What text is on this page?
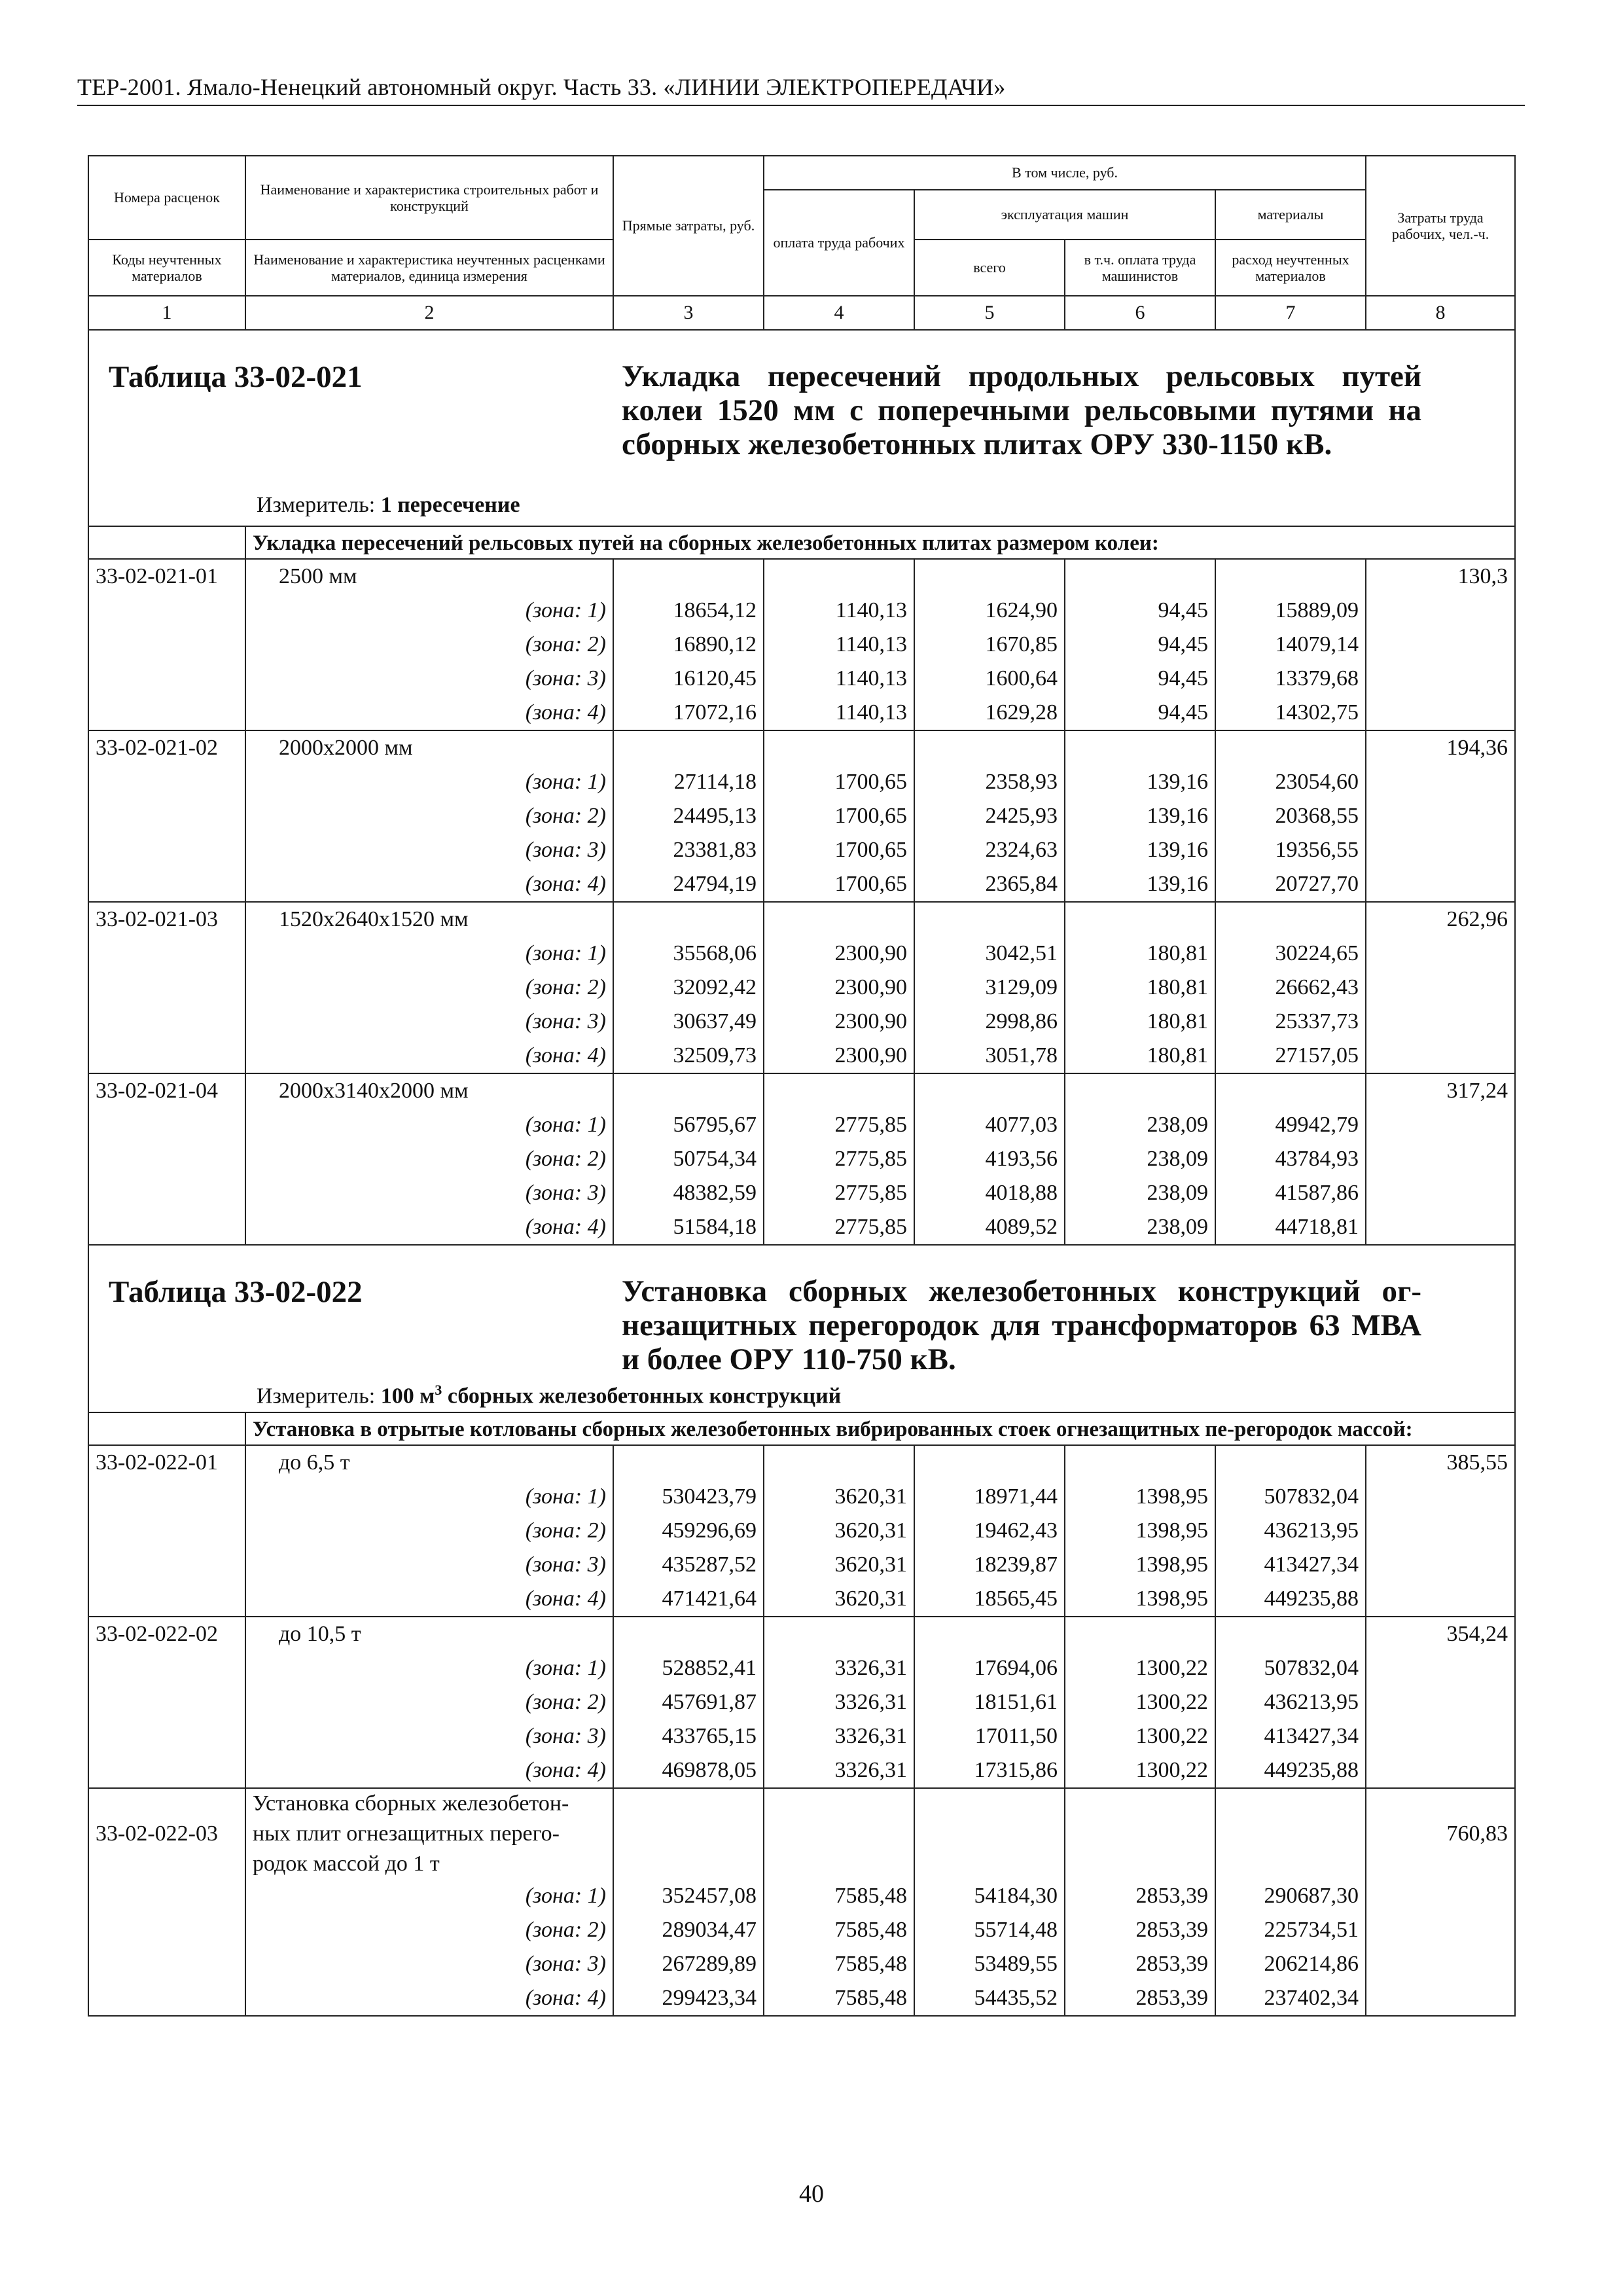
ТЕР-2001. Ямало-Ненецкий автономный округ. Часть 33. «ЛИНИИ ЭЛЕКТРОПЕРЕДАЧИ»
Номера расценок	Наименование и характеристика строительных работ и конструкций	Прямые затраты, руб.	В том числе, руб.				Затраты труда рабочих, чел.-ч.
			оплата труда рабочих	эксплуатация машин		материалы	
Коды неучтенных материалов	Наименование и характеристика неучтенных расценками материалов, единица измерения			всего	в т.ч. оплата труда машинистов	расход неучтенных материалов	

1	2	3	4	5	6	7	8

Таблица 33-02-021 Укладка пересечений продольных рельсовых путей колеи 1520 мм с поперечными рельсовыми путями на сборных железобетонных плитах ОРУ 330-1150 кВ.
Измеритель: 1 пересечение							

	Укладка пересечений рельсовых путей на сборных железобетонных плитах размером колеи:						
33-02-021-01	2500 мм						130,3
	(зона: 1)	18654,12	1140,13	1624,90	94,45	15889,09	
	(зона: 2)	16890,12	1140,13	1670,85	94,45	14079,14	
	(зона: 3)	16120,45	1140,13	1600,64	94,45	13379,68	
	(зона: 4)	17072,16	1140,13	1629,28	94,45	14302,75	
33-02-021-02	2000х2000 мм						194,36
	(зона: 1)	27114,18	1700,65	2358,93	139,16	23054,60	
	(зона: 2)	24495,13	1700,65	2425,93	139,16	20368,55	
	(зона: 3)	23381,83	1700,65	2324,63	139,16	19356,55	
	(зона: 4)	24794,19	1700,65	2365,84	139,16	20727,70	
33-02-021-03	1520х2640х1520 мм						262,96
	(зона: 1)	35568,06	2300,90	3042,51	180,81	30224,65	
	(зона: 2)	32092,42	2300,90	3129,09	180,81	26662,43	
	(зона: 3)	30637,49	2300,90	2998,86	180,81	25337,73	
	(зона: 4)	32509,73	2300,90	3051,78	180,81	27157,05	
33-02-021-04	2000х3140х2000 мм						317,24
	(зона: 1)	56795,67	2775,85	4077,03	238,09	49942,79	
	(зона: 2)	50754,34	2775,85	4193,56	238,09	43784,93	
	(зона: 3)	48382,59	2775,85	4018,88	238,09	41587,86	
	(зона: 4)	51584,18	2775,85	4089,52	238,09	44718,81	

Таблица 33-02-022 Установка сборных железобетонных конструкций ог-незащитных перегородок для трансформаторов 63 МВА и более ОРУ 110-750 кВ.
Измеритель: 100 $м^3$ сборных железобетонных конструкций							

	Установка в отрытые котлованы сборных железобетонных вибрированных стоек огнезащитных пе-регородок массой:						
33-02-022-01	до 6,5 т						385,55
	(зона: 1)	530423,79	3620,31	18971,44	1398,95	507832,04	
	(зона: 2)	459296,69	3620,31	19462,43	1398,95	436213,95	
	(зона: 3)	435287,52	3620,31	18239,87	1398,95	413427,34	
	(зона: 4)	471421,64	3620,31	18565,45	1398,95	449235,88	
33-02-022-02	до 10,5 т						354,24
	(зона: 1)	528852,41	3326,31	17694,06	1300,22	507832,04	
	(зона: 2)	457691,87	3326,31	18151,61	1300,22	436213,95	
	(зона: 3)	433765,15	3326,31	17011,50	1300,22	413427,34	
	(зона: 4)	469878,05	3326,31	17315,86	1300,22	449235,88	
33-02-022-03	Установка сборных железобетон-
ных плит огнезащитных перего-
родок массой до 1 т						760,83
	(зона: 1)	352457,08	7585,48	54184,30	2853,39	290687,30	
	(зона: 2)	289034,47	7585,48	55714,48	2853,39	225734,51	
	(зона: 3)	267289,89	7585,48	53489,55	2853,39	206214,86	
	(зона: 4)	299423,34	7585,48	54435,52	2853,39	237402,34	
40
